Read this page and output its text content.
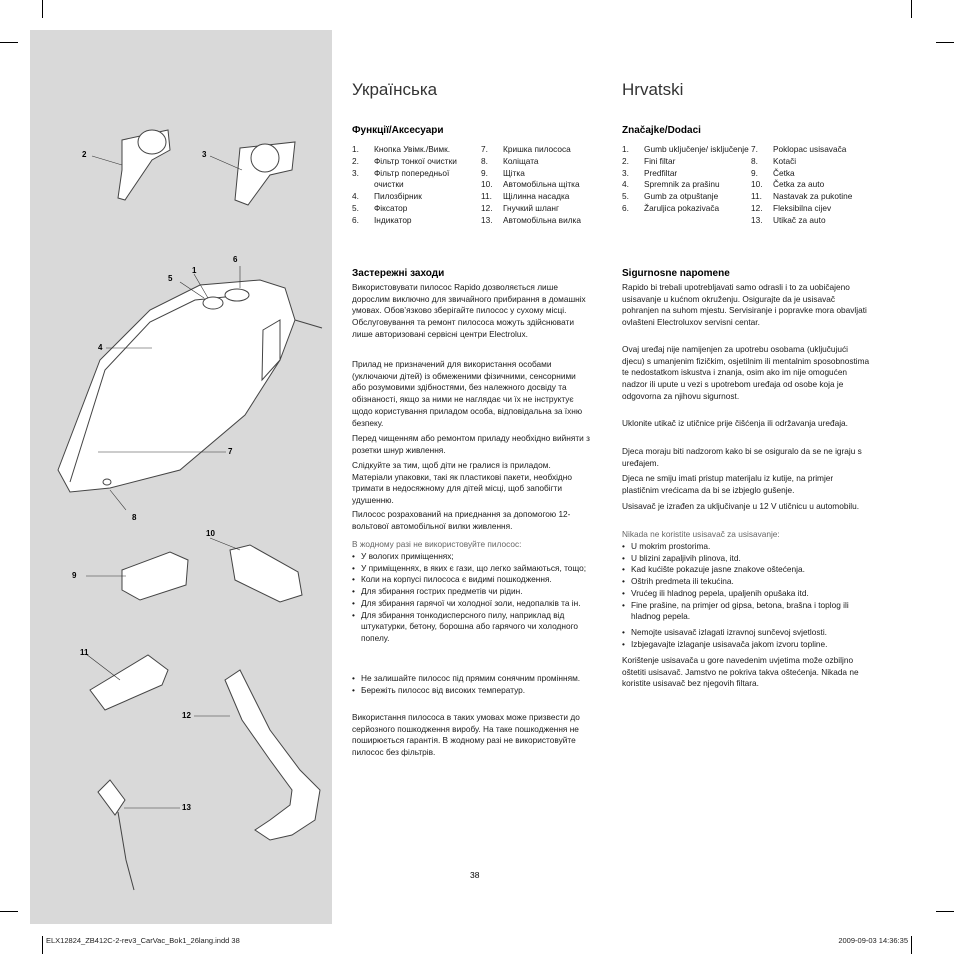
2	3
1
6
5
4
7
8
10
9
11
12
13
Українська
Функції/Аксесуари
1.	Кнопка Увімк./Вимк.
2.	Фільтр тонкої очистки
3.	Фільтр попередньої очистки
4.	Пилозбірник
5.	Фіксатор
6.	Індикатор
7.	Кришка пилососа
8.	Коліщата
9.	Щітка
10.	Автомобільна щітка
11.	Щілинна насадка
12.	Гнучкий шланг
13.	Автомобільна вилка
Застережні заходи

Використовувати пилосос Rapido дозволяється лише дорослим виключно для звичайного прибирання в домашніх умовах. Обов’язково зберігайте пилосос у сухому місці. Обслуговування та ремонт пилососа можуть здійснювати лише авторизовані сервісні центри Electrolux.

Прилад не призначений для використання особами (уключаючи дітей) із обмеженими фізичними, сенсорними або розумовими здібностями, без належного досвіду та обізнаності, якщо за ними не наглядає чи їх не інструктує щодо користування приладом особа, відповідальна за їхню безпеку.

Перед чищенням або ремонтом приладу необхідно вийняти з розетки шнур живлення.

Слідкуйте за тим, щоб діти не гралися із приладом. Матеріали упаковки, такі як пластикові пакети, необхідно тримати в недосяжному для дітей місці, щоб запобігти удушенню.

Пилосос розрахований на приєднання за допомогою 12-вольтової автомобільної вилки живлення.

В жодному разі не використовуйте пилосос:

• У вологих приміщеннях;
• У приміщеннях, в яких є гази, що легко займаються, тощо;
• Коли на корпусі пилососа є видимі пошкодження.
• Для збирання гострих предметів чи рідин.
• Для збирання гарячої чи холодної золи, недопалків та ін.
• Для збирання тонкодисперсного пилу, наприклад від штукатурки, бетону, борошна або гарячого чи холодного попелу.
• Не залишайте пилосос під прямим сонячним промінням.
• Бережіть пилосос від високих температур.

Використання пилососа в таких умовах може призвести до серйозного пошкодження виробу. На таке пошкодження не поширюється гарантія. В жодному разі не використовуйте пилосос без фільтрів.

Hrvatski
Značajke/Dodaci
1.	Gumb uključenje/ isključenje
2.	Fini filtar
3.	Predfiltar
4.	Spremnik za prašinu
5.	Gumb za otpuštanje
6.	Žaruljica pokazivača
7.	Poklopac usisavača
8.	Kotači
9.	Četka
10.	Četka za auto
11.	Nastavak za pukotine
12.	Fleksibilna cijev
13.	Utikač za auto
Sigurnosne napomene

Rapido bi trebali upotrebljavati samo odrasli i to za uobičajeno usisavanje u kućnom okruženju. Osigurajte da je usisavač pohranjen na suhom mjestu. Servisiranje i popravke mora obavljati ovlašteni Electroluxov servisni centar.

Ovaj uređaj nije namijenjen za upotrebu osobama (uključujući djecu) s umanjenim fizičkim, osjetilnim ili mentalnim sposobnostima te nedostatkom iskustva i znanja, osim ako im nije omogućen nadzor ili upute u vezi s upotrebom uređaja od osobe koja je odgovorna za njihovu sigurnost.

Uklonite utikač iz utičnice prije čišćenja ili održavanja uređaja.

Djeca moraju biti nadzorom kako bi se osiguralo da se ne igraju s uređajem.

Djeca ne smiju imati pristup materijalu iz kutije, na primjer plastičnim vrećicama da bi se izbjeglo gušenje.

Usisavač je izrađen za uključivanje u 12 V utičnicu u automobilu.

Nikada ne koristite usisavač za usisavanje:

• U mokrim prostorima.
• U blizini zapaljivih plinova, itd.
• Kad kućište pokazuje jasne znakove oštećenja.
• Oštrih predmeta ili tekućina.
• Vrućeg ili hladnog pepela, upaljenih opušaka itd.
• Fine prašine, na primjer od gipsa, betona, brašna i toplog ili hladnog pepela.
• Nemojte usisavač izlagati izravnoj sunčevoj svjetlosti.
• Izbjegavajte izlaganje usisavača jakom izvoru topline.

Korištenje usisavača u gore navedenim uvjetima može ozbiljno oštetiti usisavač. Jamstvo ne pokriva takva oštećenja. Nikada ne koristite usisavač bez njegovih filtara.

38
ELX12824_ZB412C-2-rev3_CarVac_Bok1_26lang.indd 38	2009-09-03 14:36:35
